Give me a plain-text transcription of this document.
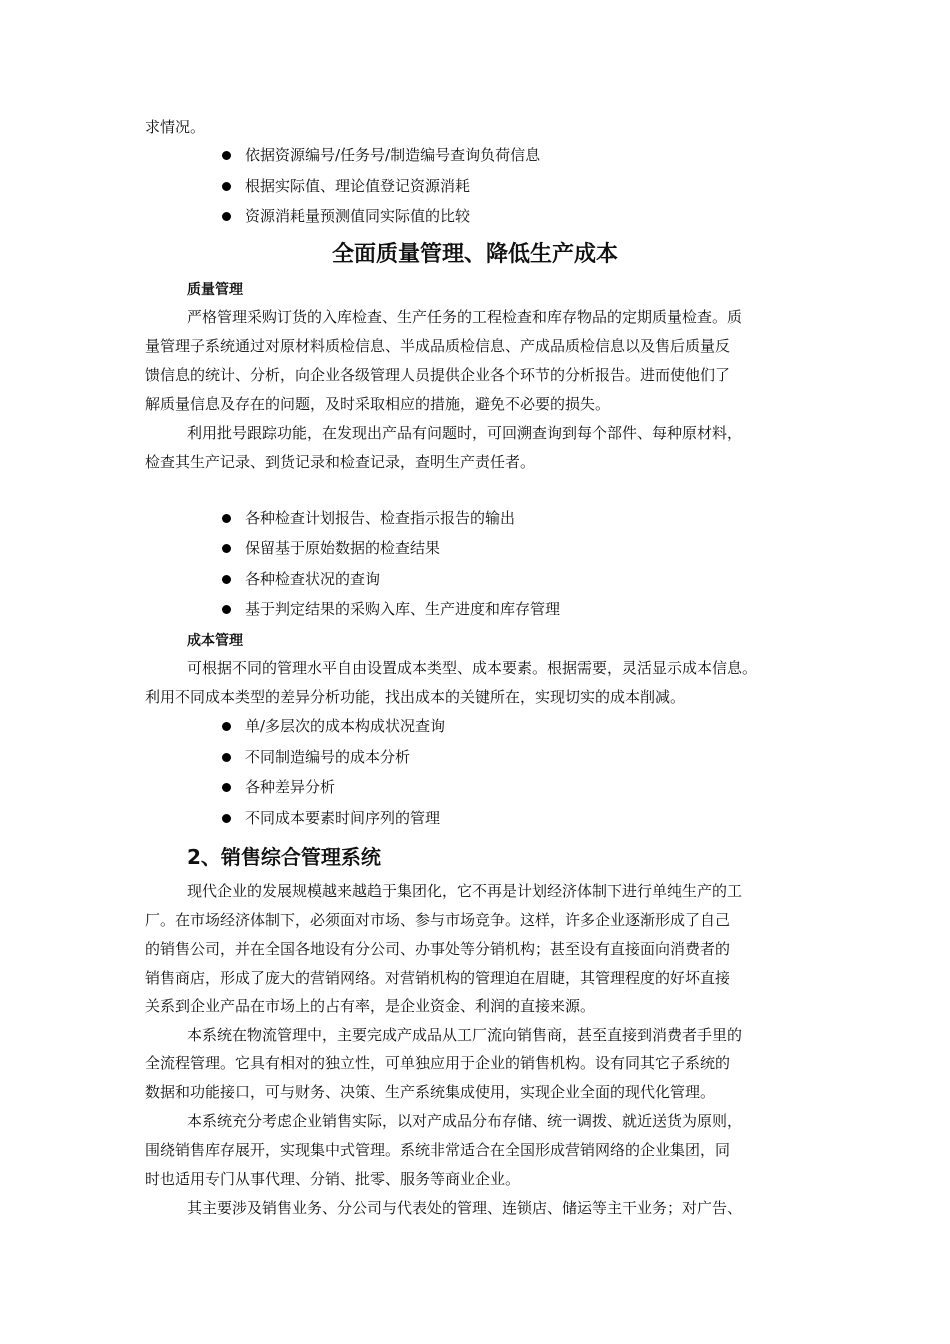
求情况。
依据资源编号/任务号/制造编号查询负荷信息
根据实际值、理论值登记资源消耗
资源消耗量预测值同实际值的比较
全面质量管理、降低生产成本
质量管理
严格管理采购订货的入库检查、生产任务的工程检查和库存物品的定期质量检查。质
量管理子系统通过对原材料质检信息、半成品质检信息、产成品质检信息以及售后质量反
馈信息的统计、分析，向企业各级管理人员提供企业各个环节的分析报告。进而使他们了
解质量信息及存在的问题，及时采取相应的措施，避免不必要的损失。
利用批号跟踪功能，在发现出产品有问题时，可回溯查询到每个部件、每种原材料，
检查其生产记录、到货记录和检查记录，查明生产责任者。
各种检查计划报告、检查指示报告的输出
保留基于原始数据的检查结果
各种检查状况的查询
基于判定结果的采购入库、生产进度和库存管理
成本管理
可根据不同的管理水平自由设置成本类型、成本要素。根据需要，灵活显示成本信息。
利用不同成本类型的差异分析功能，找出成本的关键所在，实现切实的成本削减。
单/多层次的成本构成状况查询
不同制造编号的成本分析
各种差异分析
不同成本要素时间序列的管理
2、销售综合管理系统
现代企业的发展规模越来越趋于集团化，它不再是计划经济体制下进行单纯生产的工
厂。在市场经济体制下，必须面对市场、参与市场竞争。这样，许多企业逐渐形成了自己
的销售公司，并在全国各地设有分公司、办事处等分销机构；甚至设有直接面向消费者的
销售商店，形成了庞大的营销网络。对营销机构的管理迫在眉睫，其管理程度的好坏直接
关系到企业产品在市场上的占有率，是企业资金、利润的直接来源。
本系统在物流管理中，主要完成产成品从工厂流向销售商，甚至直接到消费者手里的
全流程管理。它具有相对的独立性，可单独应用于企业的销售机构。设有同其它子系统的
数据和功能接口，可与财务、决策、生产系统集成使用，实现企业全面的现代化管理。
本系统充分考虑企业销售实际，以对产成品分布存储、统一调拨、就近送货为原则，
围绕销售库存展开，实现集中式管理。系统非常适合在全国形成营销网络的企业集团，同
时也适用专门从事代理、分销、批零、服务等商业企业。
其主要涉及销售业务、分公司与代表处的管理、连锁店、储运等主干业务；对广告、
